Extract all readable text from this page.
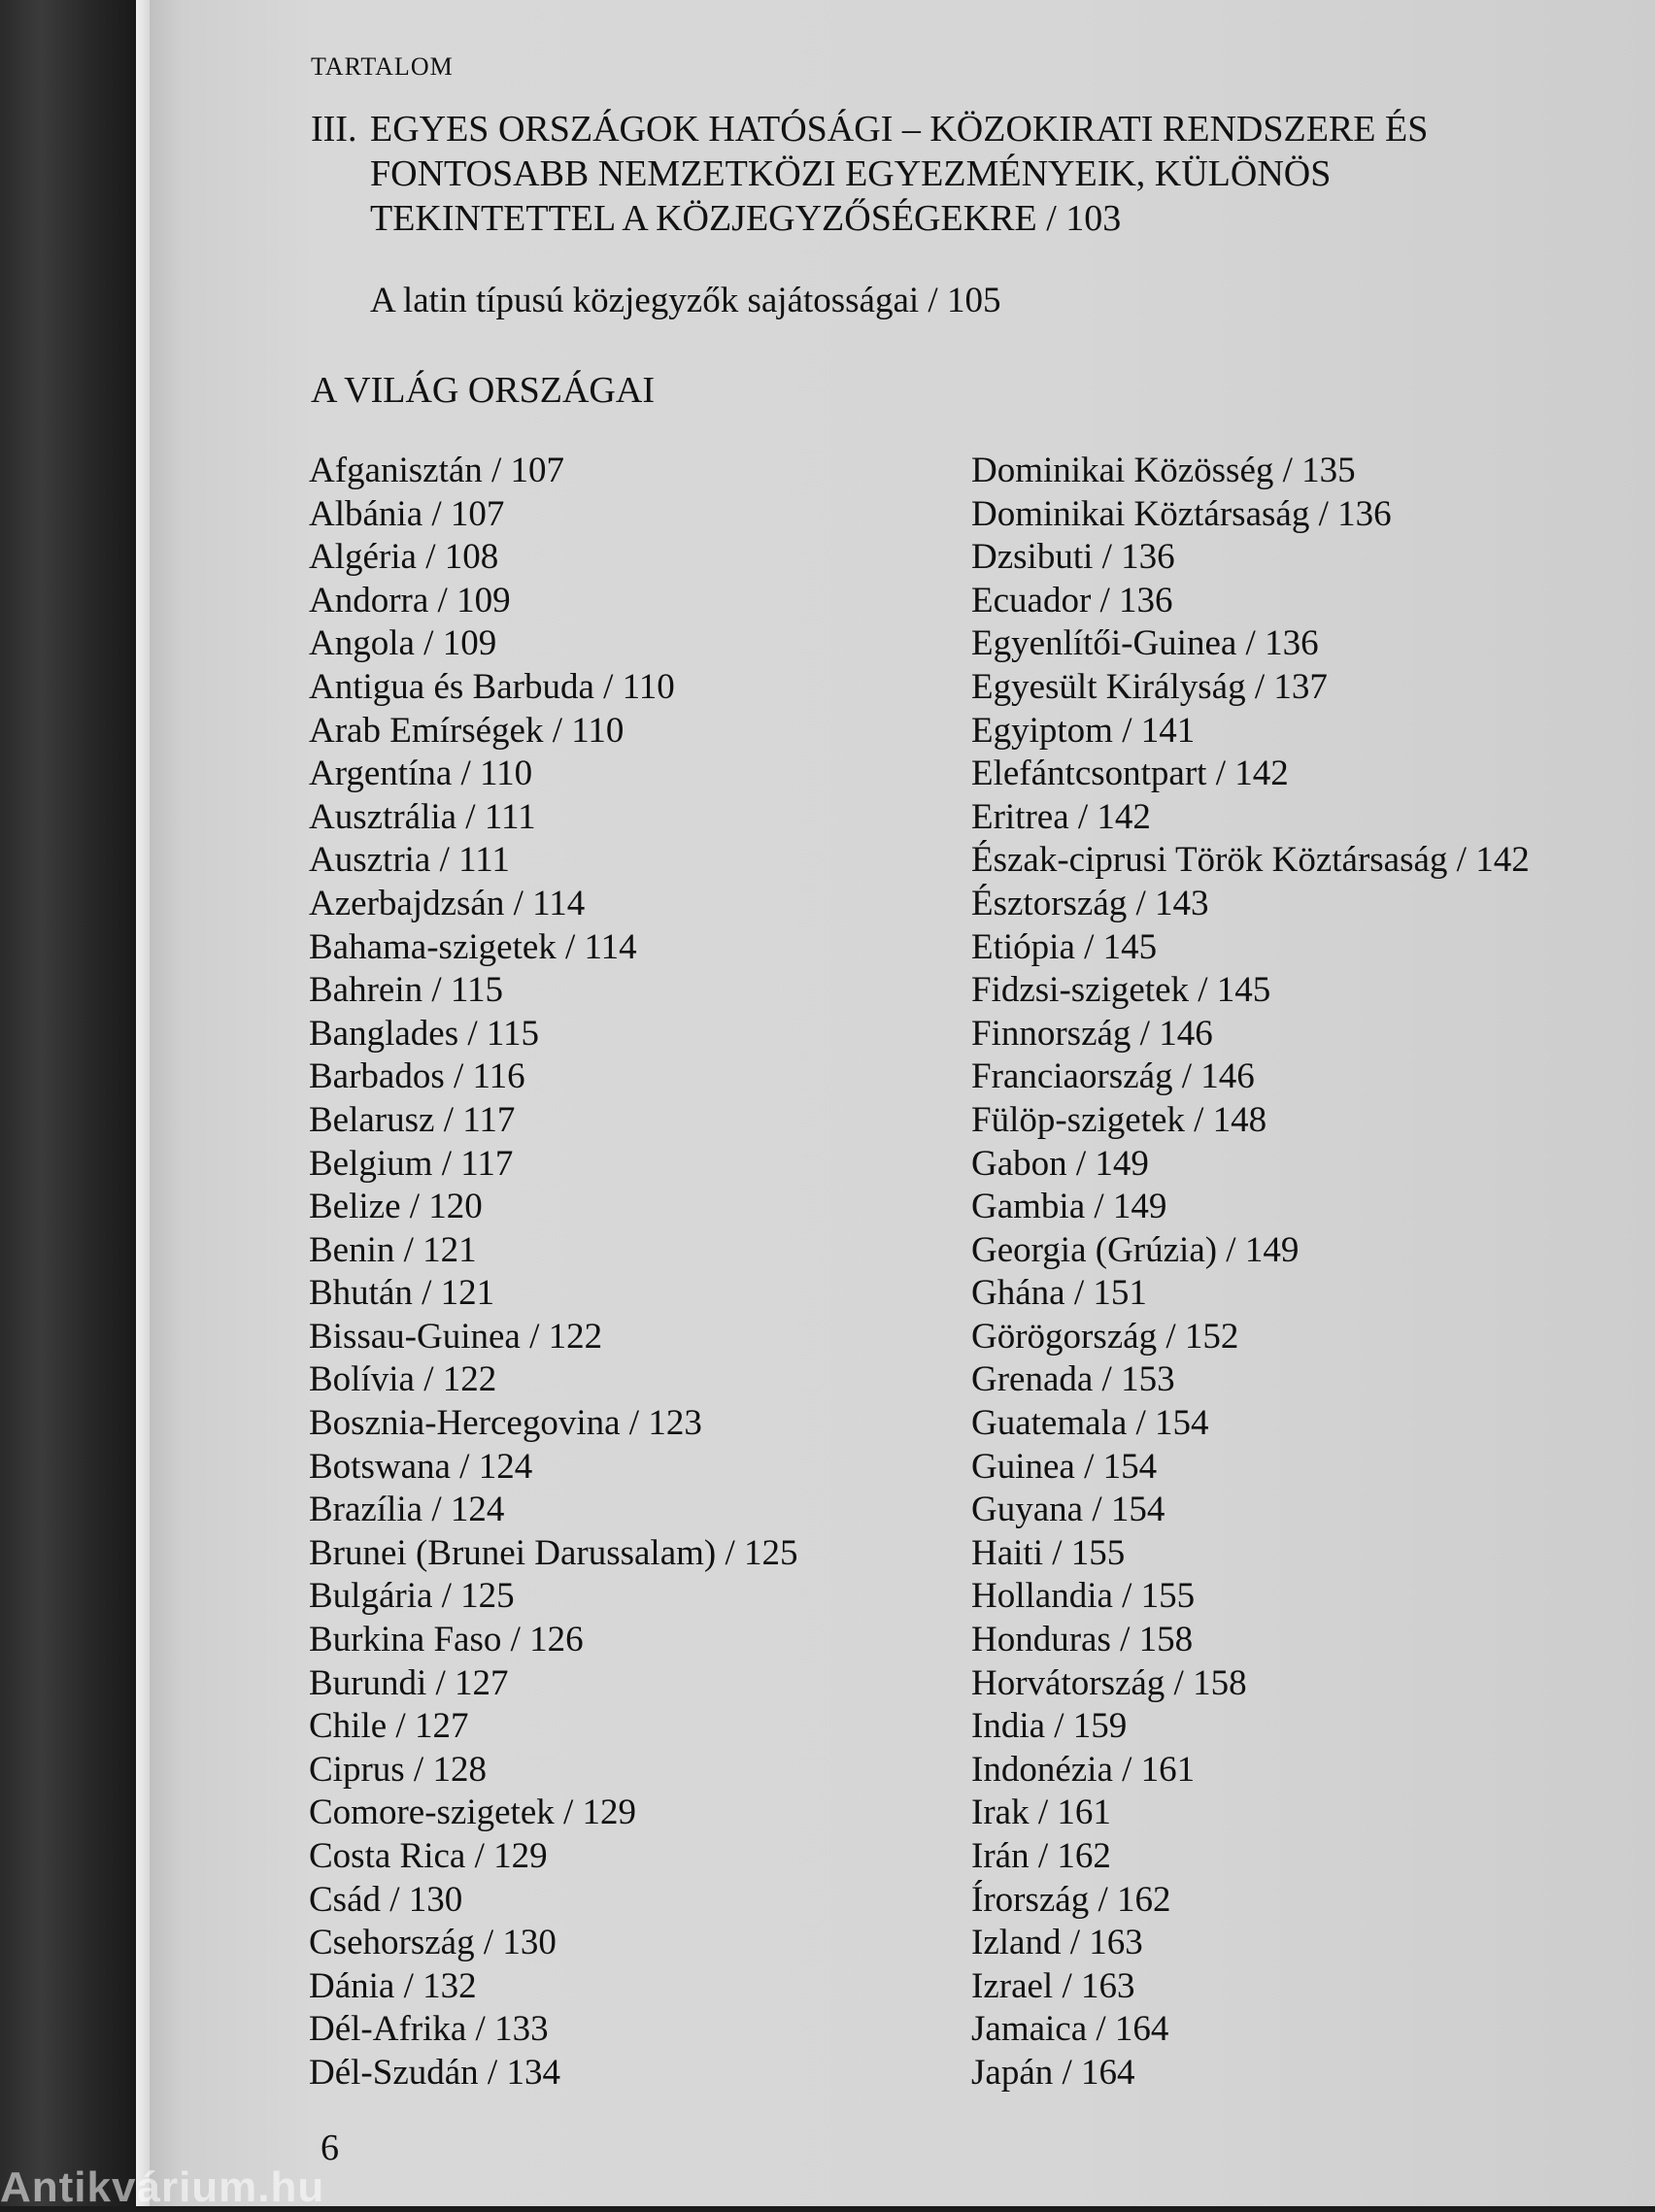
TARTALOM
III. EGYES ORSZÁGOK HATÓSÁGI – KÖZOKIRATI RENDSZERE ÉS FONTOSABB NEMZETKÖZI EGYEZMÉNYEIK, KÜLÖNÖS TEKINTETTEL A KÖZJEGYZŐSÉGEKRE / 103

A latin típusú közjegyzők sajátosságai / 105

A VILÁG ORSZÁGAI
Afganisztán / 107
Albánia / 107
Algéria / 108
Andorra / 109
Angola / 109
Antigua és Barbuda / 110
Arab Emírségek / 110
Argentína / 110
Ausztrália / 111
Ausztria / 111
Azerbajdzsán / 114
Bahama-szigetek / 114
Bahrein / 115
Banglades / 115
Barbados / 116
Belarusz / 117
Belgium / 117
Belize / 120
Benin / 121
Bhután / 121
Bissau-Guinea / 122
Bolívia / 122
Bosznia-Hercegovina / 123
Botswana / 124
Brazília / 124
Brunei (Brunei Darussalam) / 125
Bulgária / 125
Burkina Faso / 126
Burundi / 127
Chile / 127
Ciprus / 128
Comore-szigetek / 129
Costa Rica / 129
Csád / 130
Csehország / 130
Dánia / 132
Dél-Afrika / 133
Dél-Szudán / 134
Dominikai Közösség / 135
Dominikai Köztársaság / 136
Dzsibuti / 136
Ecuador / 136
Egyenlítői-Guinea / 136
Egyesült Királyság / 137
Egyiptom / 141
Elefántcsontpart / 142
Eritrea / 142
Észak-ciprusi Török Köztársaság / 142
Észtország / 143
Etiópia / 145
Fidzsi-szigetek / 145
Finnország / 146
Franciaország / 146
Fülöp-szigetek / 148
Gabon / 149
Gambia / 149
Georgia (Grúzia) / 149
Ghána / 151
Görögország / 152
Grenada / 153
Guatemala / 154
Guinea / 154
Guyana / 154
Haiti / 155
Hollandia / 155
Honduras / 158
Horvátország / 158
India / 159
Indonézia / 161
Irak / 161
Irán / 162
Írország / 162
Izland / 163
Izrael / 163
Jamaica / 164
Japán / 164
6
Antikvárium.hu
